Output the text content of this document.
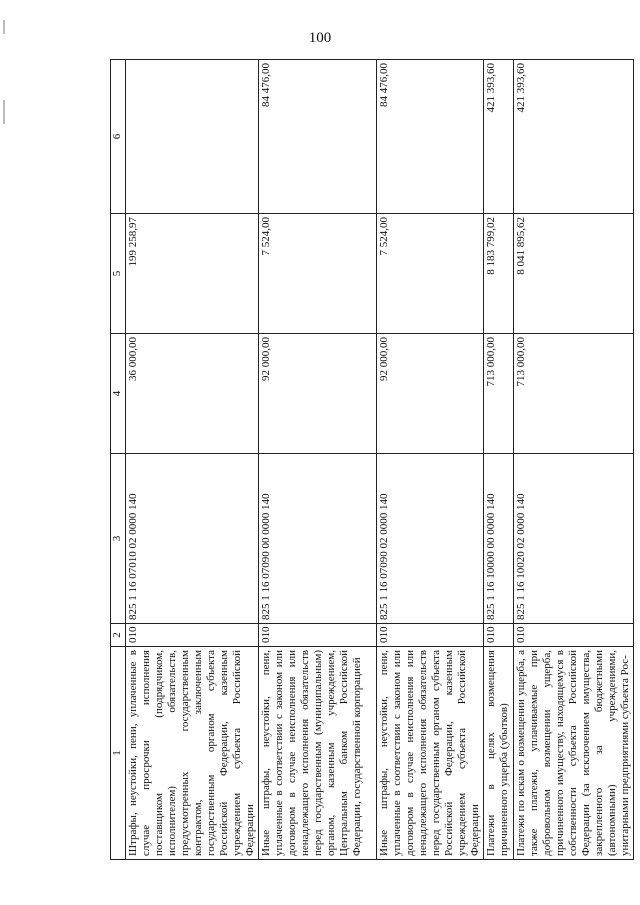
100
1	2	3	4	5	6
Штрафы, неустойки, пени, уплаченные в случае просрочки исполнения поставщиком (подрядчиком, исполнителем) обязательств, предусмотренных государственным контрактом, заключенным государственным органом субъекта Российской Федерации, казенным учреждением субъекта Российской Федерации	010	825 1 16 07010 02 0000 140	36 000,00	199 258,97	
Иные штрафы, неустойки, пени, уплаченные в соответствии с законом или договором в случае неисполнения или ненадлежащего исполнения обязательств перед государственным (муниципальным) органом, казенным учреждением, Центральным банком Российской Федерации, государственной корпорацией	010	825 1 16 07090 00 0000 140	92 000,00	7 524,00	84 476,00
Иные штрафы, неустойки, пени, уплаченные в соответствии с законом или договором в случае неисполнения или ненадлежащего исполнения обязательств перед государственным органом субъекта Российской Федерации, казенным учреждением субъекта Российской Федерации	010	825 1 16 07090 02 0000 140	92 000,00	7 524,00	84 476,00
Платежи в целях возмещения причиненного ущерба (убытков)	010	825 1 16 10000 00 0000 140	713 000,00	8 183 799,02	421 393,60
Платежи по искам о возмещении ущерба, а также платежи, уплачиваемые при добровольном возмещении ущерба, причиненного имуществу, находящемуся в собственности субъекта Российской Федерации (за исключением имущества, закрепленного за бюджетными (автономными) учреждениями, унитарными предприятиями субъекта Рос-	010	825 1 16 10020 02 0000 140	713 000,00	8 041 895,62	421 393,60
